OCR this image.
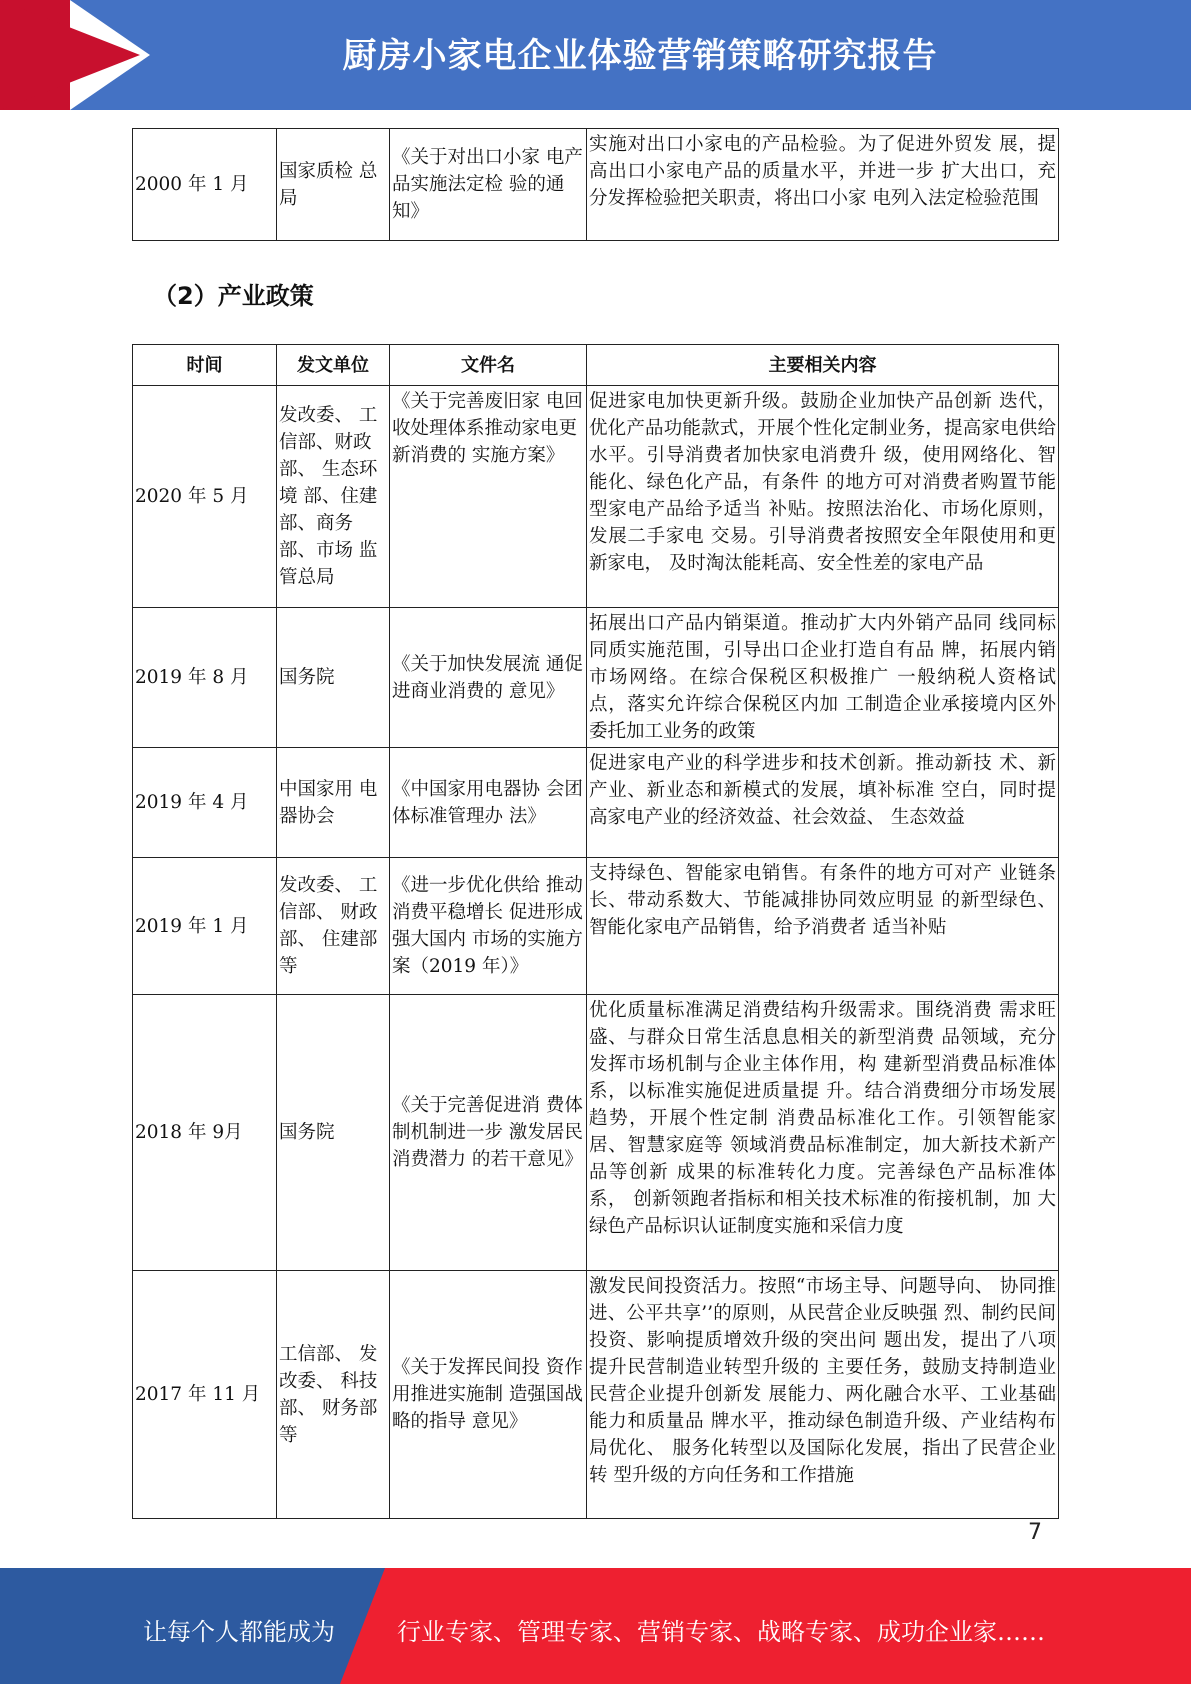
厨房小家电企业体验营销策略研究报告
2000 年 1 月	国家质检 总局	《关于对出口小家 电产品实施法定检 验的通知》	实施对出口小家电的产品检验。为了促进外贸发 展，提高出口小家电产品的质量水平，并进一步 扩大出口，充分发挥检验把关职责，将出口小家 电列入法定检验范围
（2）产业政策
时间	发文单位	文件名	主要相关内容
2020 年 5 月	发改委、 工信部、财政部、 生态环境 部、住建部、商务部、市场 监管总局	《关于完善废旧家 电回收处理体系推动家电更新消费的 实施方案》	促进家电加快更新升级。鼓励企业加快产品创新 迭代，优化产品功能款式，开展个性化定制业务，提高家电供给水平。引导消费者加快家电消费升 级，使用网络化、智能化、绿色化产品，有条件 的地方可对消费者购置节能型家电产品给予适当 补贴。按照法治化、市场化原则，发展二手家电 交易。引导消费者按照安全年限使用和更新家电， 及时淘汰能耗高、安全性差的家电产品
2019 年 8 月	国务院	《关于加快发展流 通促进商业消费的 意见》	拓展出口产品内销渠道。推动扩大内外销产品同 线同标同质实施范围，引导出口企业打造自有品 牌，拓展内销市场网络。在综合保税区积极推广 一般纳税人资格试点，落实允许综合保税区内加 工制造企业承接境内区外委托加工业务的政策
2019 年 4 月	中国家用 电器协会	《中国家用电器协 会团体标准管理办 法》	促进家电产业的科学进步和技术创新。推动新技 术、新产业、新业态和新模式的发展，填补标准 空白，同时提高家电产业的经济效益、社会效益、 生态效益
2019 年 1 月	发改委、 工信部、 财政部、 住建部等	《进一步优化供给 推动消费平稳增长 促进形成强大国内 市场的实施方案（2019 年）》	支持绿色、智能家电销售。有条件的地方可对产 业链条长、带动系数大、节能减排协同效应明显 的新型绿色、智能化家电产品销售，给予消费者 适当补贴
2018 年 9月	国务院	《关于完善促进消 费体制机制进一步 激发居民消费潜力 的若干意见》	优化质量标准满足消费结构升级需求。围绕消费 需求旺盛、与群众日常生活息息相关的新型消费 品领域，充分发挥市场机制与企业主体作用，构 建新型消费品标准体系，以标准实施促进质量提 升。结合消费细分市场发展趋势，开展个性定制 消费品标准化工作。引领智能家居、智慧家庭等 领域消费品标准制定，加大新技术新产品等创新 成果的标准转化力度。完善绿色产品标准体系， 创新领跑者指标和相关技术标准的衔接机制，加 大绿色产品标识认证制度实施和采信力度
2017 年 11 月	工信部、 发改委、 科技部、 财务部等	《关于发挥民间投 资作用推进实施制 造强国战略的指导 意见》	激发民间投资活力。按照“市场主导、问题导向、 协同推进、公平共享’’的原则，从民营企业反映强 烈、制约民间投资、影响提质增效升级的突出问 题出发，提出了八项提升民营制造业转型升级的 主要任务，鼓励支持制造业民营企业提升创新发 展能力、两化融合水平、工业基础能力和质量品 牌水平，推动绿色制造升级、产业结构布局优化、 服务化转型以及国际化发展，指出了民营企业转 型升级的方向任务和工作措施
7
让每个人都能成为	行业专家、管理专家、营销专家、战略专家、成功企业家……
